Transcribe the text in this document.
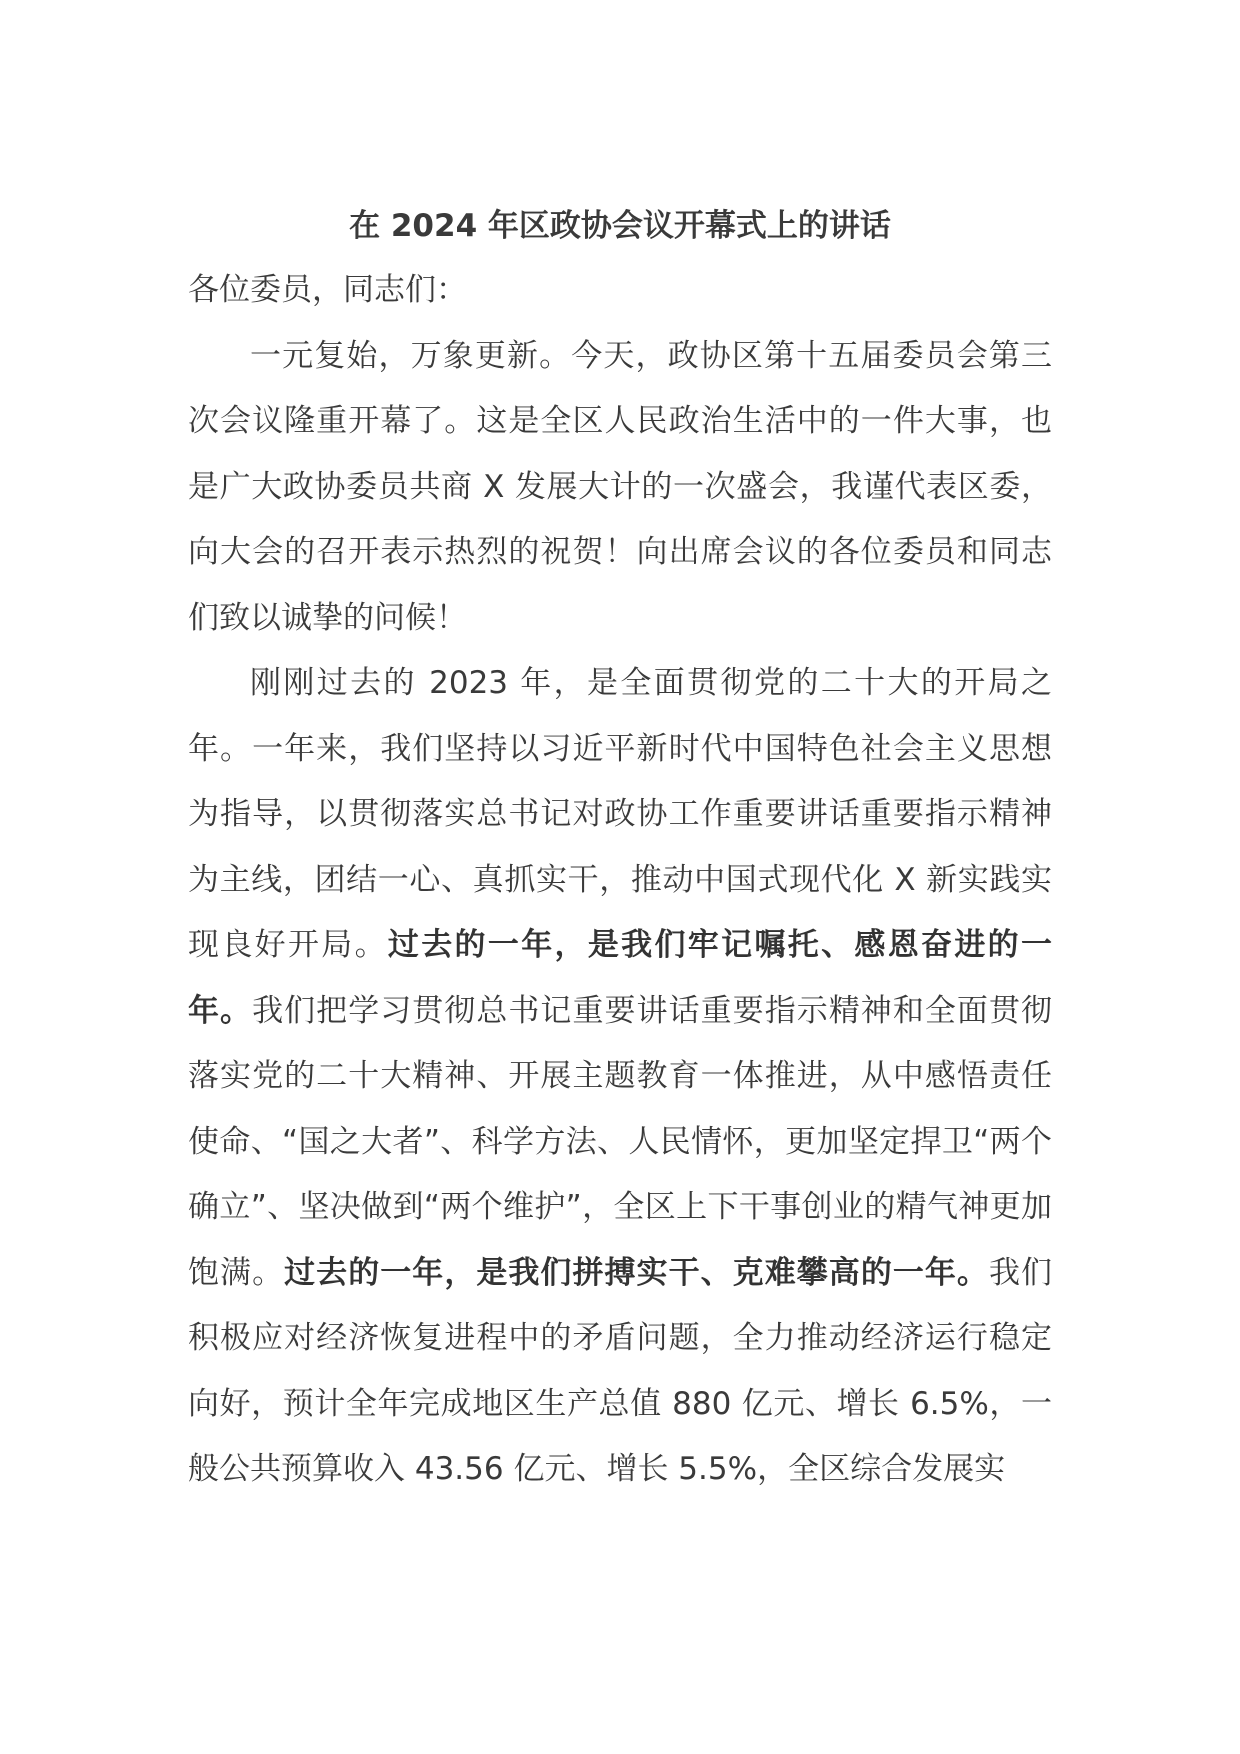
在 2024 年区政协会议开幕式上的讲话

各位委员，同志们：

一元复始，万象更新。今天，政协区第十五届委员会第三次会议隆重开幕了。这是全区人民政治生活中的一件大事，也是广大政协委员共商 X 发展大计的一次盛会，我谨代表区委，向大会的召开表示热烈的祝贺！向出席会议的各位委员和同志们致以诚挚的问候！

刚刚过去的 2023 年，是全面贯彻党的二十大的开局之年。一年来，我们坚持以习近平新时代中国特色社会主义思想为指导，以贯彻落实总书记对政协工作重要讲话重要指示精神为主线，团结一心、真抓实干，推动中国式现代化 X 新实践实现良好开局。过去的一年，是我们牢记嘱托、感恩奋进的一年。我们把学习贯彻总书记重要讲话重要指示精神和全面贯彻落实党的二十大精神、开展主题教育一体推进，从中感悟责任使命、“国之大者”、科学方法、人民情怀，更加坚定捍卫“两个确立”、坚决做到“两个维护”，全区上下干事创业的精气神更加饱满。过去的一年，是我们拼搏实干、克难攀高的一年。我们积极应对经济恢复进程中的矛盾问题，全力推动经济运行稳定向好，预计全年完成地区生产总值 880 亿元、增长 6.5%，一般公共预算收入 43.56 亿元、增长 5.5%，全区综合发展实
